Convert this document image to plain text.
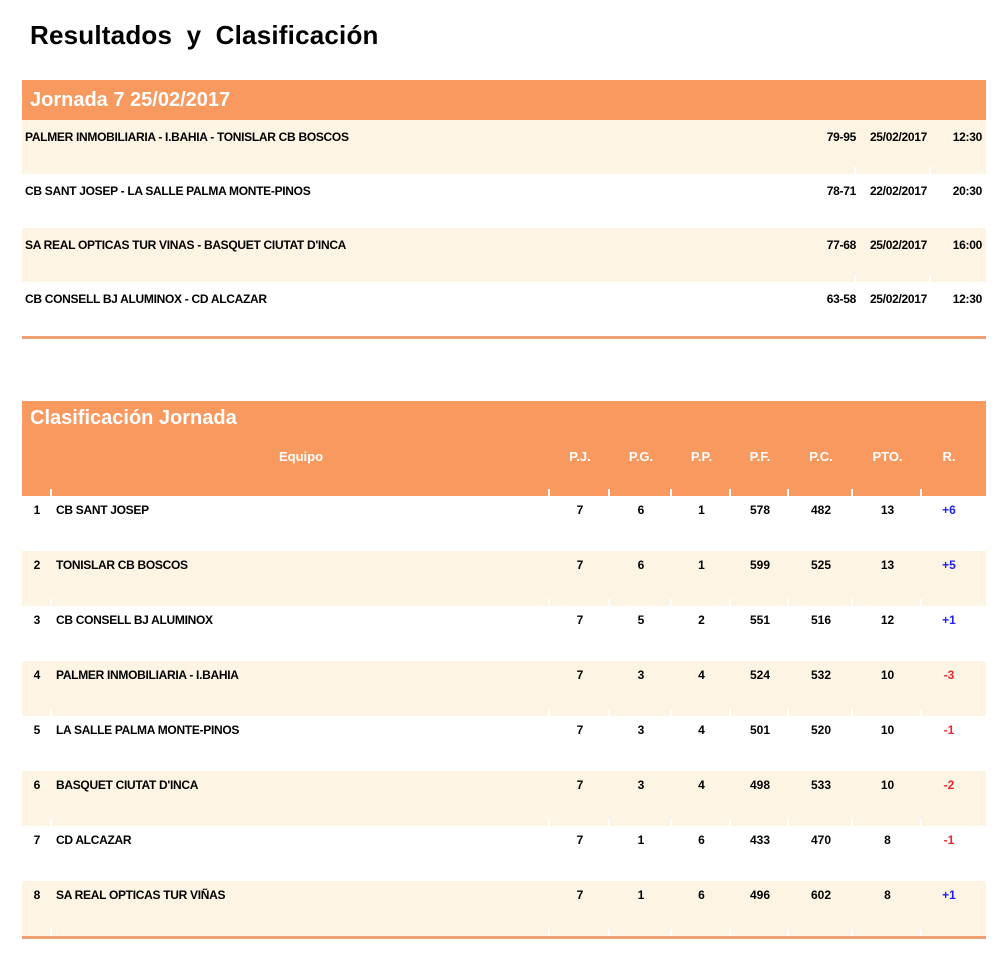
Resultados y Clasificación
Jornada 7 25/02/2017
PALMER INMOBILIARIA - I.BAHIA - TONISLAR CB BOSCOS	79-95	25/02/2017	12:30
CB SANT JOSEP - LA SALLE PALMA MONTE-PINOS	78-71	22/02/2017	20:30
SA REAL OPTICAS TUR VINAS - BASQUET CIUTAT D'INCA	77-68	25/02/2017	16:00
CB CONSELL BJ ALUMINOX - CD ALCAZAR	63-58	25/02/2017	12:30
Clasificación Jornada
Equipo	P.J.	P.G.	P.P.	P.F.	P.C.	PTO.	R.
1	CB SANT JOSEP	7	6	1	578	482	13	+6
2	TONISLAR CB BOSCOS	7	6	1	599	525	13	+5
3	CB CONSELL BJ ALUMINOX	7	5	2	551	516	12	+1
4	PALMER INMOBILIARIA - I.BAHIA	7	3	4	524	532	10	-3
5	LA SALLE PALMA MONTE-PINOS	7	3	4	501	520	10	-1
6	BASQUET CIUTAT D'INCA	7	3	4	498	533	10	-2
7	CD ALCAZAR	7	1	6	433	470	8	-1
8	SA REAL OPTICAS TUR VIÑAS	7	1	6	496	602	8	+1
